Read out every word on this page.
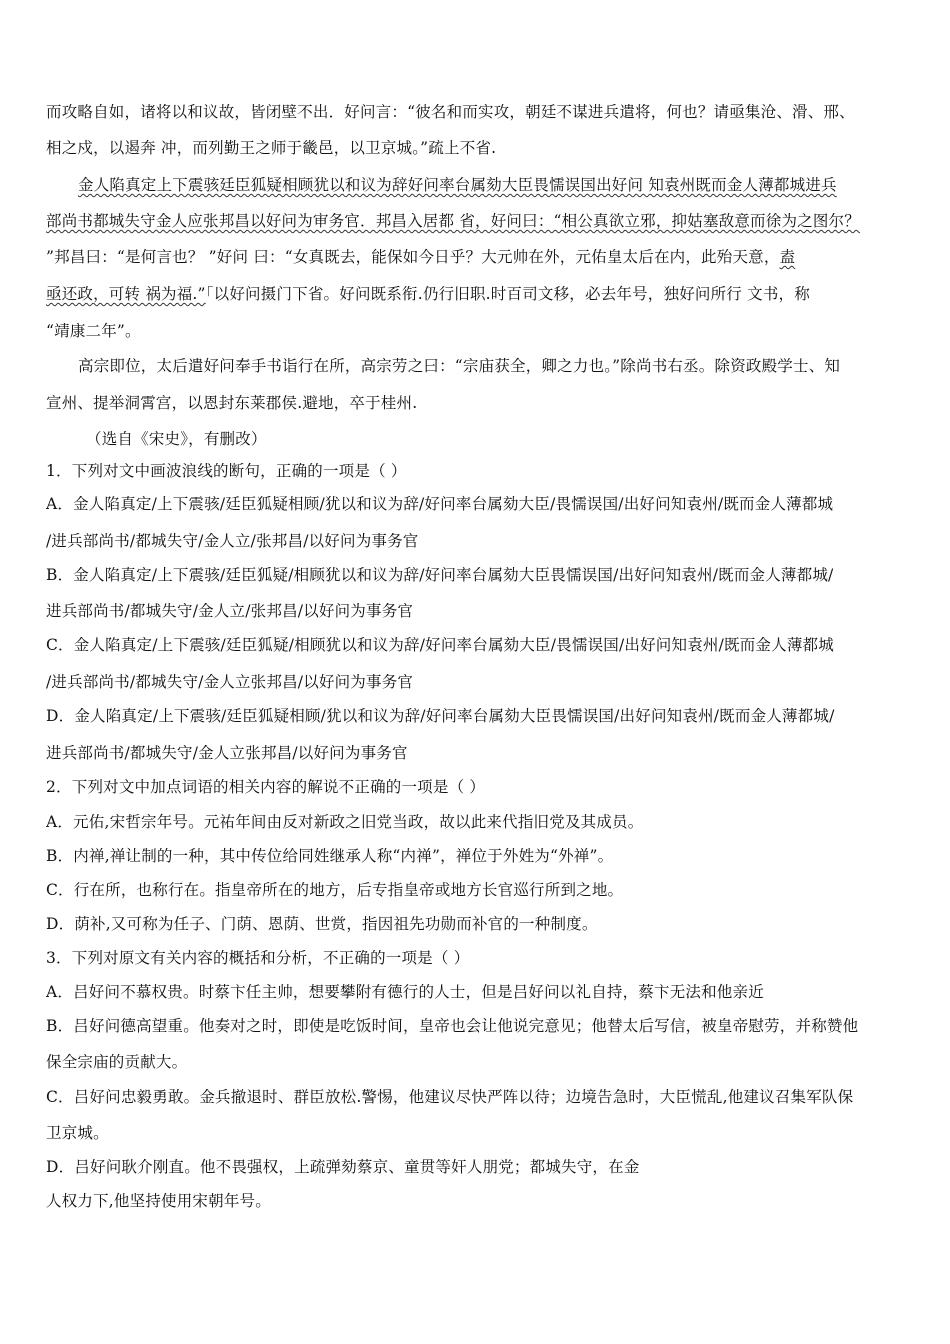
而攻略自如，诸将以和议故，皆闭壁不出．好问言：“彼名和而实攻，朝廷不谋进兵遣将，何也？请亟集沧、滑、邢、
相之戍，以遏奔 冲，而列勤王之师于畿邑，以卫京城。”疏上不省.
金人陷真定上下震骇廷臣狐疑相顾犹以和议为辞好问率台属劾大臣畏懦误国出好问 知袁州既而金人薄都城进兵
部尚书都城失守金人应张邦昌以好问为审务官．邦昌入居都 省，好问曰：“相公真欲立邪，抑姑塞敌意而徐为之图尔？
”邦昌曰：“是何言也？ ”好问 曰：“女真既去，能保如今日乎？大元帅在外，元佑皇太后在内，此殆天意，盍
亟还政，可转 祸为福.”「以好问摄门下省。好问既系衔.仍行旧职.时百司文移，必去年号，独好问所行 文书，称
“靖康二年”。
高宗即位，太后遣好问奉手书诣行在所，高宗劳之曰：“宗庙获全，卿之力也。”除尚书右丞。除资政殿学士、知
宣州、提举洞霄宫，以恩封东莱郡侯.避地，卒于桂州.
（选自《宋史》，有删改）
1．下列对文中画波浪线的断句，正确的一项是（ ）
A．金人陷真定/上下震骇/廷臣狐疑相顾/犹以和议为辞/好问率台属劾大臣/畏懦误国/出好问知袁州/既而金人薄都城
/进兵部尚书/都城失守/金人立/张邦昌/以好问为事务官
B．金人陷真定/上下震骇/廷臣狐疑/相顾犹以和议为辞/好问率台属劾大臣畏懦误国/出好问知袁州/既而金人薄都城/
进兵部尚书/都城失守/金人立/张邦昌/以好问为事务官
C．金人陷真定/上下震骇/廷臣狐疑/相顾犹以和议为辞/好问率台属劾大臣/畏懦误国/出好问知袁州/既而金人薄都城
/进兵部尚书/都城失守/金人立张邦昌/以好问为事务官
D．金人陷真定/上下震骇/廷臣狐疑相顾/犹以和议为辞/好问率台属劾大臣畏懦误国/出好问知袁州/既而金人薄都城/
进兵部尚书/都城失守/金人立张邦昌/以好问为事务官
2．下列对文中加点词语的相关内容的解说不正确的一项是（ ）
A．元佑,宋哲宗年号。元祐年间由反对新政之旧党当政，故以此来代指旧党及其成员。
B．内禅,禅让制的一种，其中传位给同姓继承人称“内禅”，禅位于外姓为“外禅”。
C．行在所，也称行在。指皇帝所在的地方，后专指皇帝或地方长官巡行所到之地。
D．荫补,又可称为任子、门荫、恩荫、世赏，指因祖先功勋而补官的一种制度。
3．下列对原文有关内容的概括和分析，不正确的一项是（ ）
A．吕好问不慕权贵。时蔡卞任主帅，想要攀附有德行的人士，但是吕好问以礼自持，蔡卞无法和他亲近
B．吕好问德高望重。他奏对之时，即使是吃饭时间，皇帝也会让他说完意见；他替太后写信，被皇帝慰劳，并称赞他
保全宗庙的贡献大。
C．吕好问忠毅勇敢。金兵撤退时、群臣放松.警惕，他建议尽快严阵以待；边境告急时，大臣慌乱,他建议召集军队保
卫京城。
D．吕好问耿介刚直。他不畏强权，上疏弹劾蔡京、童贯等奸人朋党；都城失守，在金
人权力下,他坚持使用宋朝年号。
